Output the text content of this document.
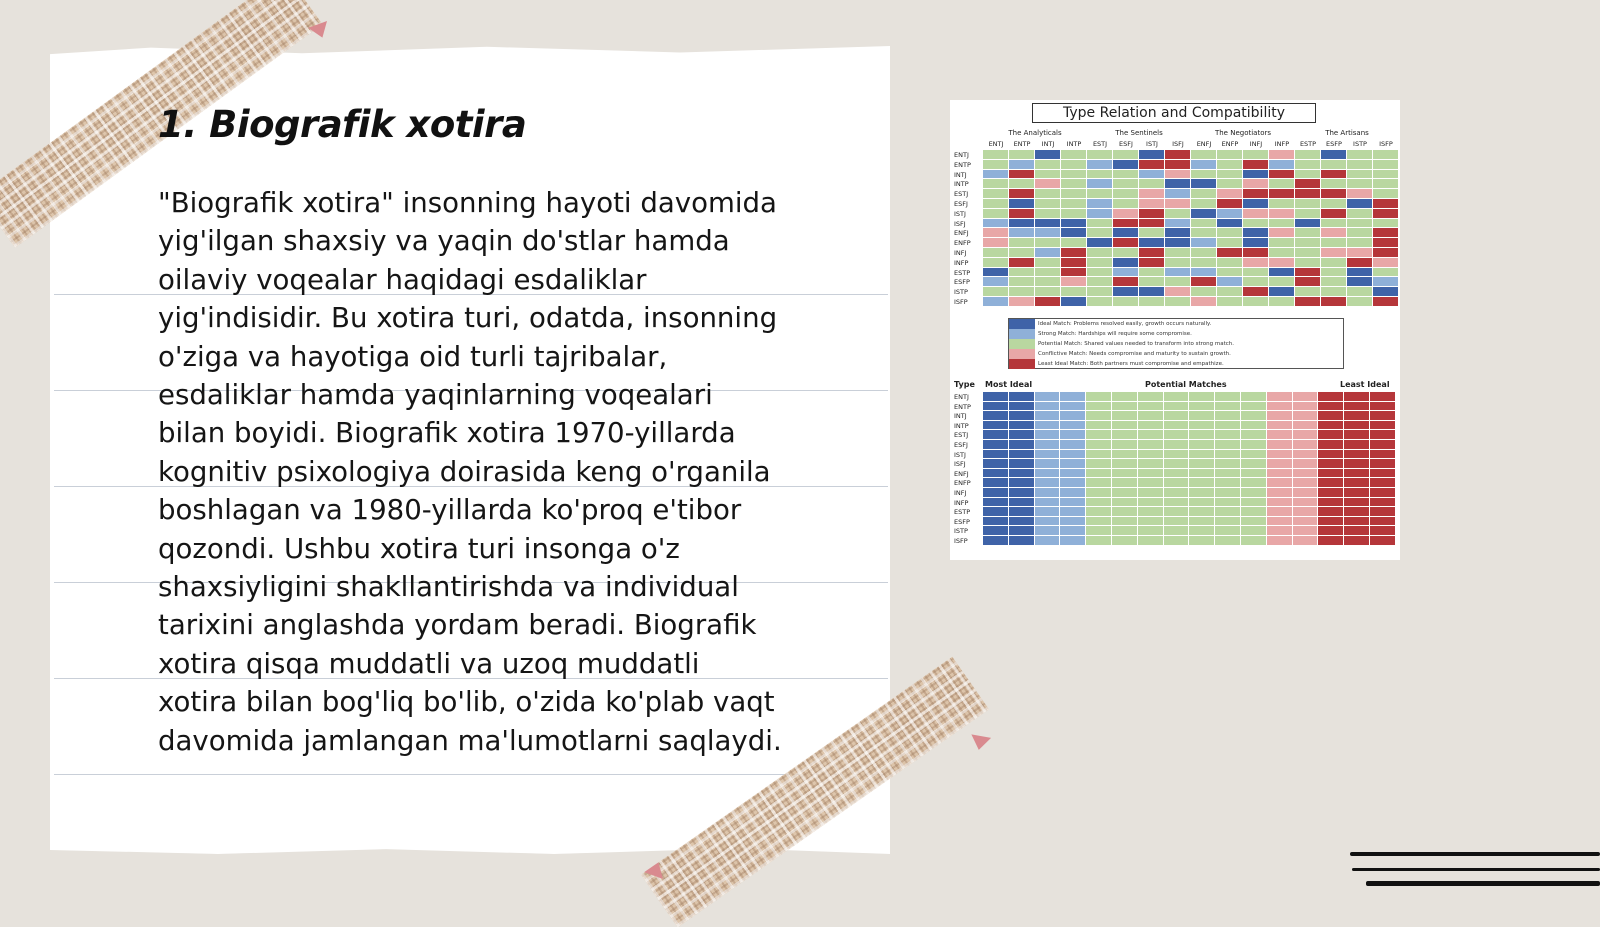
1. Biografik xotira

"Biografik xotira" insonning hayoti davomida
yig'ilgan shaxsiy va yaqin do'stlar hamda
oilaviy voqealar haqidagi esdaliklar
yig'indisidir. Bu xotira turi, odatda, insonning
o'ziga va hayotiga oid turli tajribalar,
esdaliklar hamda yaqinlarning voqealari
bilan boyidi. Biografik xotira 1970-yillarda
kognitiv psixologiya doirasida keng o'rganila
boshlagan va 1980-yillarda ko'proq e'tibor
qozondi. Ushbu xotira turi insonga o'z
shaxsiyligini shakllantirishda va individual
tarixini anglashda yordam beradi. Biografik
xotira qisqa muddatli va uzoq muddatli
xotira bilan bog'liq bo'lib, o'zida ko'plab vaqt
davomida jamlangan ma'lumotlarni saqlaydi.

Type Relation and Compatibility
The Analyticals	The Sentinels	The Negotiators	The Artisans
ENTJ	ENTP	INTJ	INTP	ESTJ	ESFJ	ISTJ	ISFJ	ENFJ	ENFP	INFJ	INFP	ESTP	ESFP	ISTP	ISFP
ENTJ
ENTP
INTJ
INTP
ESTJ
ESFJ
ISTJ
ISFJ
ENFJ
ENFP
INFJ
INFP
ESTP
ESFP
ISTP
ISFP
Ideal Match: Problems resolved easily, growth occurs naturally.
Strong Match: Hardships will require some compromise.
Potential Match: Shared values needed to transform into strong match.
Conflictive Match: Needs compromise and maturity to sustain growth.
Least Ideal Match: Both partners must compromise and empathize.
Type Most Ideal	Potential Matches	Least Ideal
ENTJ
ENTP
INTJ
INTP
ESTJ
ESFJ
ISTJ
ISFJ
ENFJ
ENFP
INFJ
INFP
ESTP
ESFP
ISTP
ISFP
